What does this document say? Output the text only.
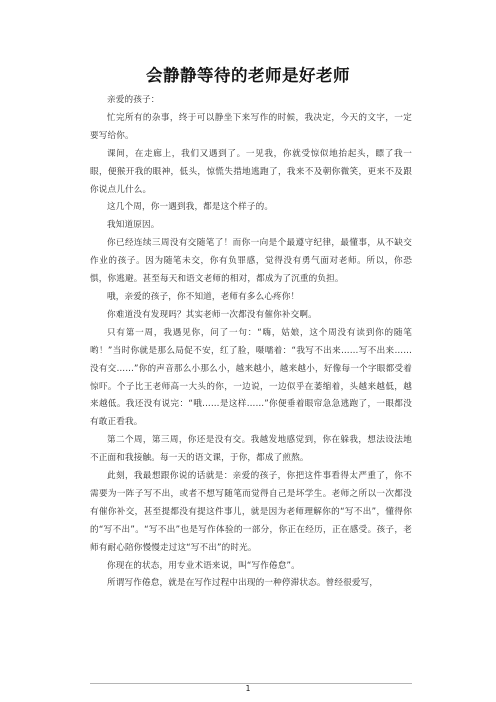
会静静等待的老师是好老师

亲爱的孩子：

忙完所有的杂事，终于可以静坐下来写作的时候，我决定，今天的文字，一定要写给你。

课间，在走廊上，我们又遇到了。一见我，你就受惊似地抬起头，瞟了我一眼，便猴开我的眼神，低头，惊慌失措地逃跑了，我来不及朝你微笑，更来不及跟你说点儿什么。

这几个周，你一遇到我，都是这个样子的。

我知道原因。

你已经连续三周没有交随笔了！而你一向是个最遵守纪律，最懂事，从不缺交作业的孩子。因为随笔未交，你有负罪感，觉得没有勇气面对老师。所以，你恐惧，你逃避。甚至每天和语文老师的相对，都成为了沉重的负担。

哦，亲爱的孩子，你不知道，老师有多么心疼你！

你难道没有发现吗？其实老师一次都没有催你补交啊。

只有第一周，我遇见你，问了一句：“嗨，姑娘，这个周没有读到你的随笔哟！”当时你就是那么局促不安，红了脸，嗫嚅着：“我写不出来……写不出来……没有交……”你的声音那么小那么小，越来越小，越来越小，好像每一个字眼都受着惊吓。个子比王老师高一大头的你，一边说，一边似乎在萎缩着，头越来越低，越来越低。我还没有说完：“哦……是这样……”你便垂着眼帘急急逃跑了，一眼都没有敢正看我。

第二个周，第三周，你还是没有交。我越发地感觉到，你在躲我，想法设法地不正面和我接触。每一天的语文课，于你，都成了煎熬。

此刻，我最想跟你说的话就是：亲爱的孩子，你把这件事看得太严重了，你不需要为一阵子写不出，或者不想写随笔而觉得自己是坏学生。老师之所以一次都没有催你补交，甚至提都没有提这件事儿，就是因为老师理解你的“写不出”，懂得你的“写不出”。“写不出”也是写作体验的一部分，你正在经历，正在感受。孩子，老师有耐心陪你慢慢走过这“写不出”的时光。

你现在的状态，用专业术语来说，叫“写作倦怠”。

所谓写作倦怠，就是在写作过程中出现的一种停滞状态。曾经很爱写，

1
